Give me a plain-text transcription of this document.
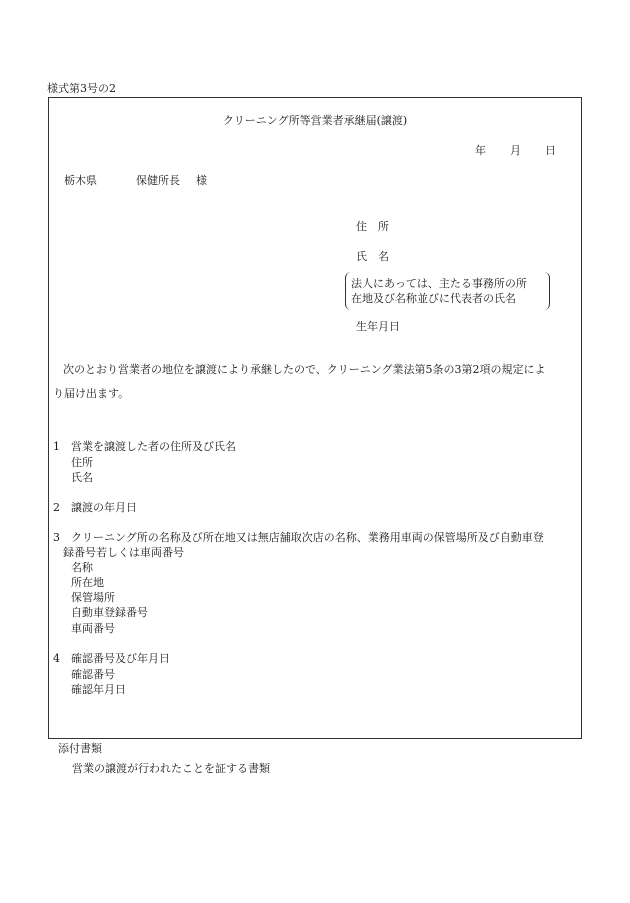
様式第3号の2
クリーニング所等営業者承継届(譲渡)
年 月 日
栃木県	保健所長 様
住　所
氏　名
法人にあっては、主たる事務所の所
在地及び名称並びに代表者の氏名
生年月日
次のとおり営業者の地位を譲渡により承継したので、クリーニング業法第5条の3第2項の規定によ
り届け出ます。
1 営業を譲渡した者の住所及び氏名
住所
氏名
2 譲渡の年月日
3 クリーニング所の名称及び所在地又は無店舗取次店の名称、業務用車両の保管場所及び自動車登
録番号若しくは車両番号
名称
所在地
保管場所
自動車登録番号
車両番号
4 確認番号及び年月日
確認番号
確認年月日
添付書類
営業の譲渡が行われたことを証する書類
